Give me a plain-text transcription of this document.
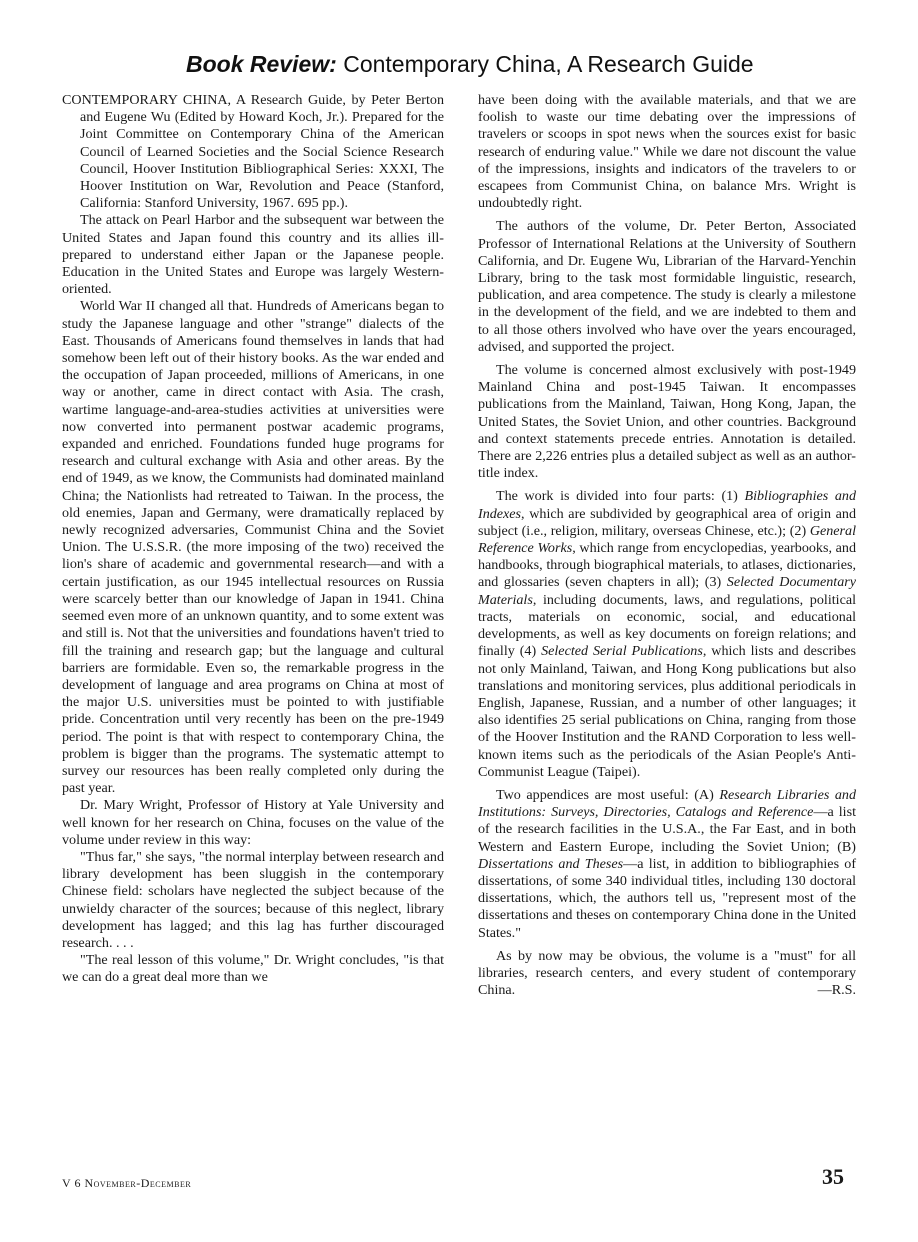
Book Review: Contemporary China, A Research Guide

CONTEMPORARY CHINA, A Research Guide, by Peter Berton and Eugene Wu (Edited by Howard Koch, Jr.). Prepared for the Joint Committee on Contemporary China of the American Council of Learned Societies and the Social Science Research Council, Hoover Institution Bibliographical Series: XXXI, The Hoover Institution on War, Revolution and Peace (Stanford, California: Stanford University, 1967. 695 pp.).

The attack on Pearl Harbor and the subsequent war between the United States and Japan found this country and its allies ill-prepared to understand either Japan or the Japanese people. Education in the United States and Europe was largely Western-oriented.

World War II changed all that. Hundreds of Americans began to study the Japanese language and other "strange" dialects of the East. Thousands of Americans found themselves in lands that had somehow been left out of their history books. As the war ended and the occupation of Japan proceeded, millions of Americans, in one way or another, came in direct contact with Asia. The crash, wartime language-and-area-studies activities at universities were now converted into permanent postwar academic programs, expanded and enriched. Foundations funded huge programs for research and cultural exchange with Asia and other areas. By the end of 1949, as we know, the Communists had dominated mainland China; the Nationlists had retreated to Taiwan. In the process, the old enemies, Japan and Germany, were dramatically replaced by newly recognized adversaries, Communist China and the Soviet Union. The U.S.S.R. (the more imposing of the two) received the lion's share of academic and governmental research—and with a certain justification, as our 1945 intellectual resources on Russia were scarcely better than our knowledge of Japan in 1941. China seemed even more of an unknown quantity, and to some extent was and still is. Not that the universities and foundations haven't tried to fill the training and research gap; but the language and cultural barriers are formidable. Even so, the remarkable progress in the development of language and area programs on China at most of the major U.S. universities must be pointed to with justifiable pride. Concentration until very recently has been on the pre-1949 period. The point is that with respect to contemporary China, the problem is bigger than the programs. The systematic attempt to survey our resources has been really completed only during the past year.

Dr. Mary Wright, Professor of History at Yale University and well known for her research on China, focuses on the value of the volume under review in this way:

"Thus far," she says, "the normal interplay between research and library development has been sluggish in the contemporary Chinese field: scholars have neglected the subject because of the unwieldy character of the sources; because of this neglect, library development has lagged; and this lag has further discouraged research. . . .

"The real lesson of this volume," Dr. Wright concludes, "is that we can do a great deal more than we

have been doing with the available materials, and that we are foolish to waste our time debating over the impressions of travelers or scoops in spot news when the sources exist for basic research of enduring value." While we dare not discount the value of the impressions, insights and indicators of the travelers to or escapees from Communist China, on balance Mrs. Wright is undoubtedly right.

The authors of the volume, Dr. Peter Berton, Associated Professor of International Relations at the University of Southern California, and Dr. Eugene Wu, Librarian of the Harvard-Yenchin Library, bring to the task most formidable linguistic, research, publication, and area competence. The study is clearly a milestone in the development of the field, and we are indebted to them and to all those others involved who have over the years encouraged, advised, and supported the project.

The volume is concerned almost exclusively with post-1949 Mainland China and post-1945 Taiwan. It encompasses publications from the Mainland, Taiwan, Hong Kong, Japan, the United States, the Soviet Union, and other countries. Background and context statements precede entries. Annotation is detailed. There are 2,226 entries plus a detailed subject as well as an author-title index.

The work is divided into four parts: (1) Bibliographies and Indexes, which are subdivided by geographical area of origin and subject (i.e., religion, military, overseas Chinese, etc.); (2) General Reference Works, which range from encyclopedias, yearbooks, and handbooks, through biographical materials, to atlases, dictionaries, and glossaries (seven chapters in all); (3) Selected Documentary Materials, including documents, laws, and regulations, political tracts, materials on economic, social, and educational developments, as well as key documents on foreign relations; and finally (4) Selected Serial Publications, which lists and describes not only Mainland, Taiwan, and Hong Kong publications but also translations and monitoring services, plus additional periodicals in English, Japanese, Russian, and a number of other languages; it also identifies 25 serial publications on China, ranging from those of the Hoover Institution and the RAND Corporation to less well-known items such as the periodicals of the Asian People's Anti-Communist League (Taipei).

Two appendices are most useful: (A) Research Libraries and Institutions: Surveys, Directories, Catalogs and Reference—a list of the research facilities in the U.S.A., the Far East, and in both Western and Eastern Europe, including the Soviet Union; (B) Dissertations and Theses—a list, in addition to bibliographies of dissertations, of some 340 individual titles, including 130 doctoral dissertations, which, the authors tell us, "represent most of the dissertations and theses on contemporary China done in the United States."

As by now may be obvious, the volume is a "must" for all libraries, research centers, and every student of contemporary China.	—R.S.

V 6 November-December	35
